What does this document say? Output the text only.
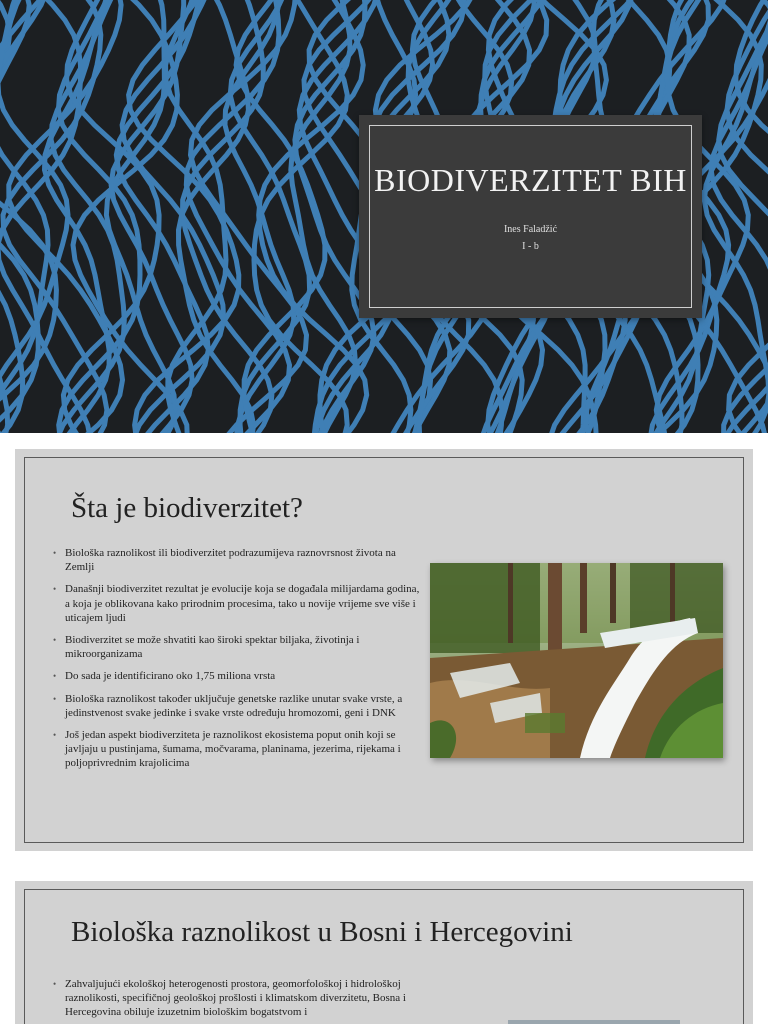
BIODIVERZITET BIH
Ines Faladžić
I - b
Šta je biodiverzitet?
• Biološka raznolikost ili biodiverzitet podrazumijeva raznovrsnost života na Zemlji
• Današnji biodiverzitet rezultat je evolucije koja se događala milijardama godina, a koja je oblikovana kako prirodnim procesima, tako u novije vrijeme sve više i uticajem ljudi
• Biodiverzitet se može shvatiti kao široki spektar biljaka, životinja i mikroorganizama
• Do sada je identificirano oko 1,75 miliona vrsta
• Biološka raznolikost također uključuje genetske razlike unutar svake vrste, a jedinstvenost svake jedinke i svake vrste određuju hromozomi, geni i DNK
• Još jedan aspekt biodiverziteta je raznolikost ekosistema poput onih koji se javljaju u pustinjama, šumama, močvarama, planinama, jezerima, rijekama i poljoprivrednim krajolicima
Biološka raznolikost u Bosni i Hercegovini
• Zahvaljujući ekološkoj heterogenosti prostora, geomorfološkoj i hidrološkoj raznolikosti, specifičnoj geološkoj prošlosti i klimatskom diverzitetu, Bosna i Hercegovina obiluje izuzetnim biološkim bogatstvom i
